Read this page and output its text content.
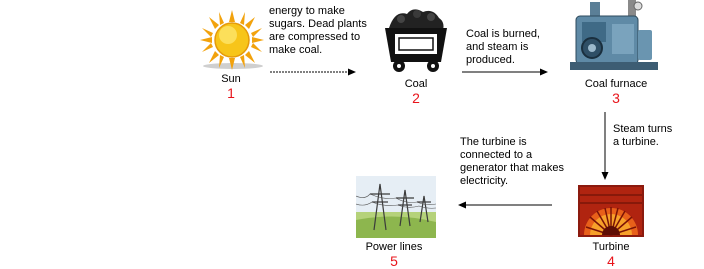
Sun
1
energy to make
sugars. Dead plants
are compressed to
make coal.
Coal
2
Coal is burned,
and steam is
produced.
Coal furnace
3
Steam turns
a turbine.
Turbine
4
The turbine is
connected to a
generator that makes
electricity.
Power lines
5
